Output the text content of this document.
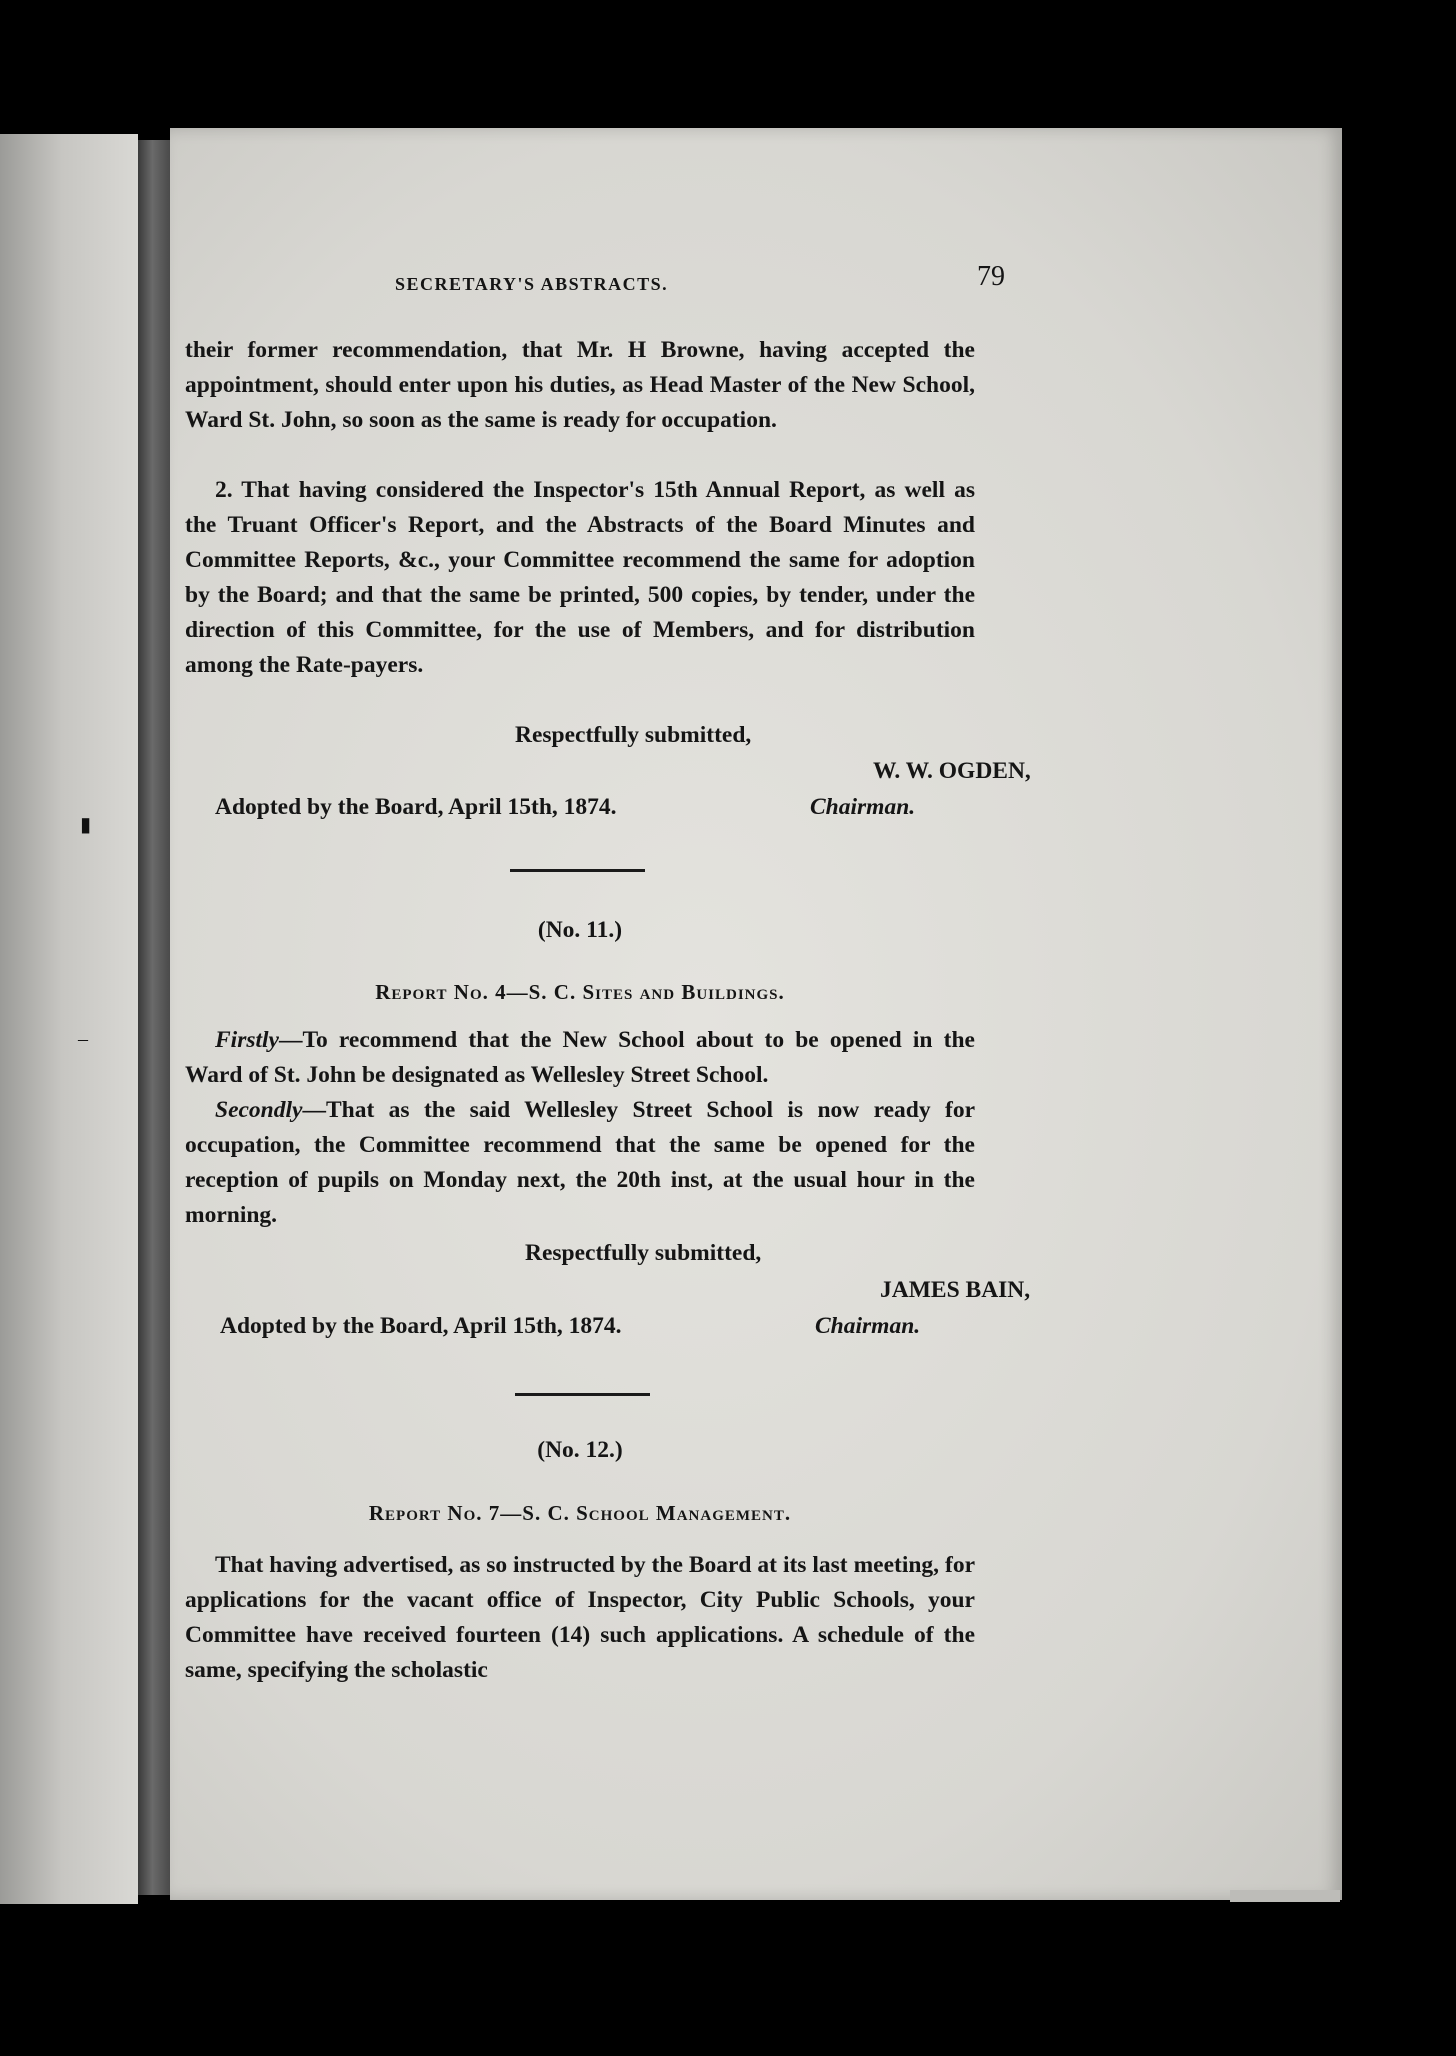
▮
‒
SECRETARY'S ABSTRACTS.	79

their former recommendation, that Mr. H Browne, having accepted the appointment, should enter upon his duties, as Head Master of the New School, Ward St. John, so soon as the same is ready for occupation.

2. That having considered the Inspector's 15th Annual Report, as well as the Truant Officer's Report, and the Abstracts of the Board Minutes and Committee Reports, &c., your Committee recommend the same for adoption by the Board; and that the same be printed, 500 copies, by tender, under the direction of this Committee, for the use of Members, and for distribution among the Rate-payers.

Respectfully submitted,
W. W. OGDEN,
Adopted by the Board, April 15th, 1874.	Chairman.
(No. 11.)
Report No. 4—S. C. Sites and Buildings.

Firstly—To recommend that the New School about to be opened in the Ward of St. John be designated as Wellesley Street School.

Secondly—That as the said Wellesley Street School is now ready for occupation, the Committee recommend that the same be opened for the reception of pupils on Monday next, the 20th inst, at the usual hour in the morning.

Respectfully submitted,
JAMES BAIN,
Adopted by the Board, April 15th, 1874.	Chairman.
(No. 12.)
Report No. 7—S. C. School Management.

That having advertised, as so instructed by the Board at its last meeting, for applications for the vacant office of Inspector, City Public Schools, your Committee have received fourteen (14) such applications. A schedule of the same, specifying the scholastic
